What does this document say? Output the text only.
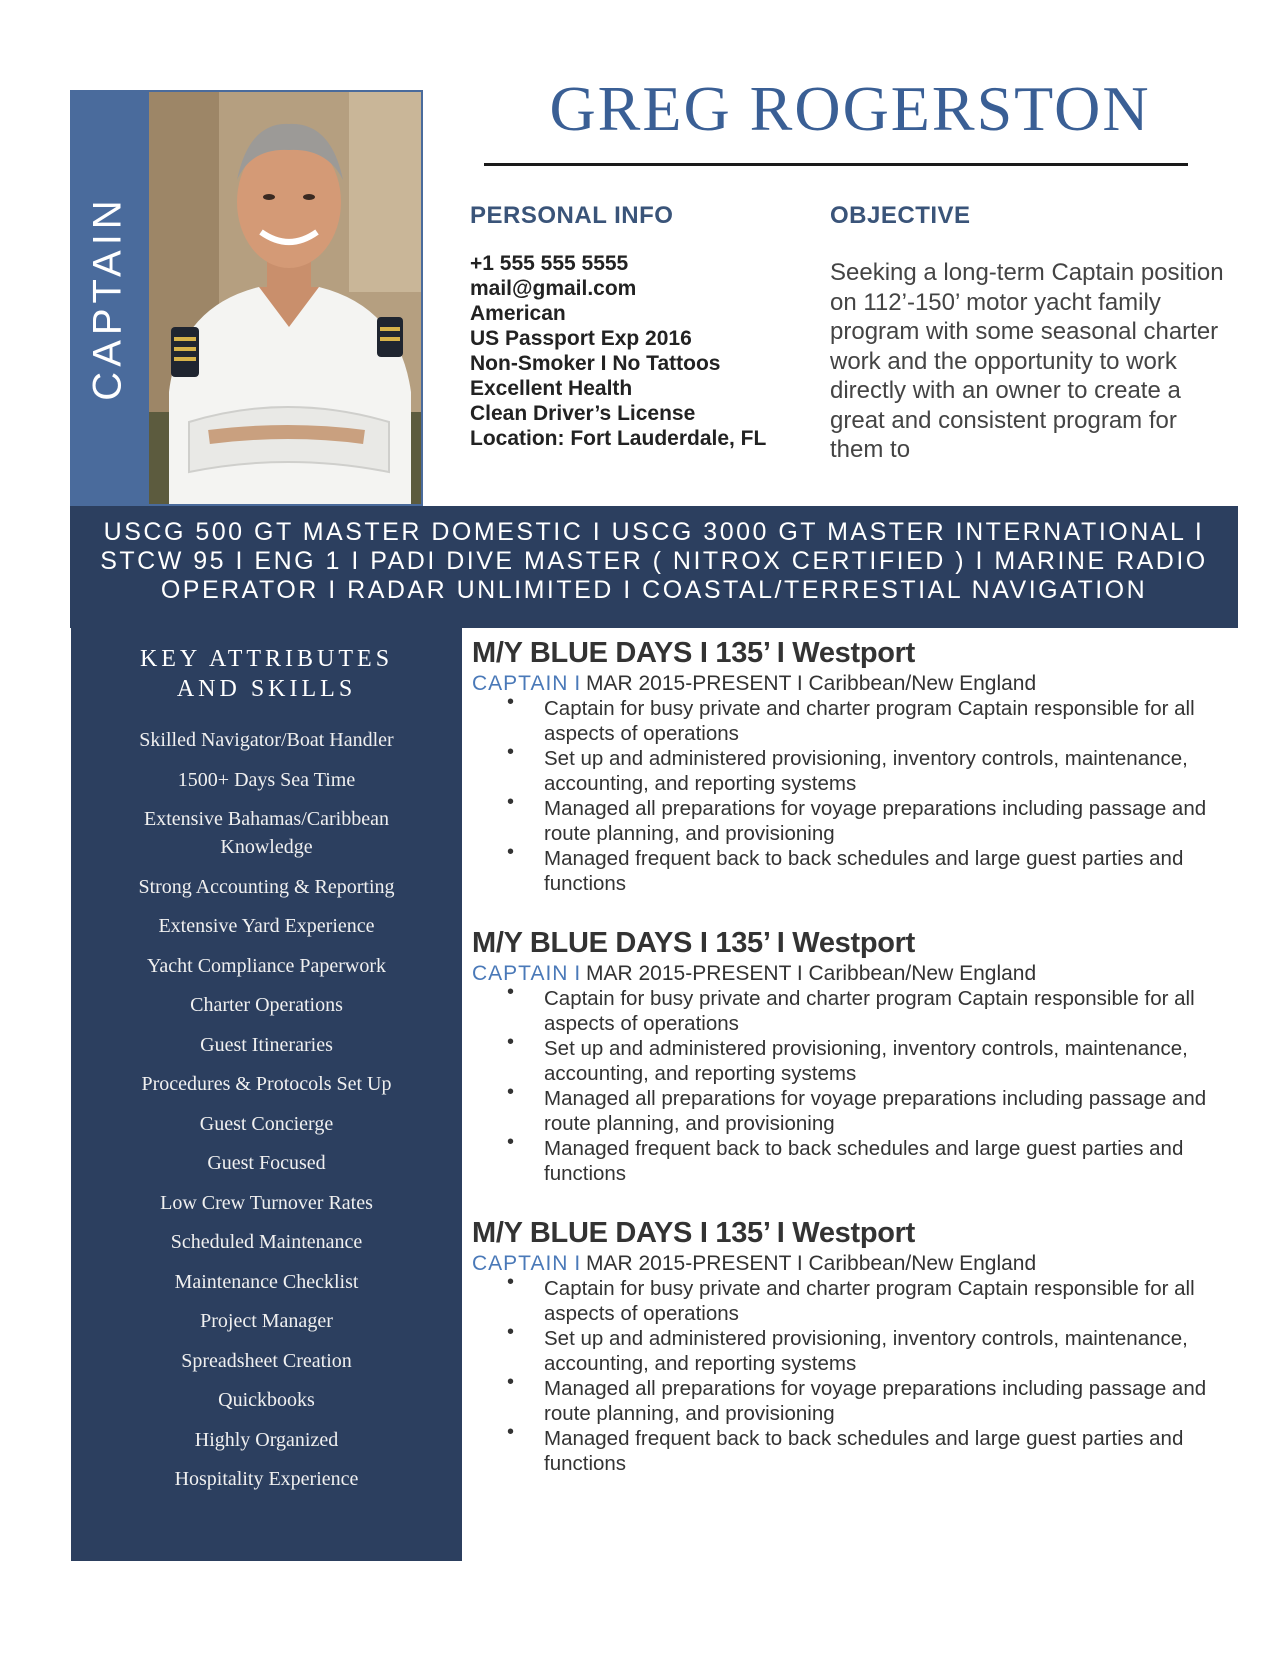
CAPTAIN
GREG ROGERSTON
PERSONAL INFO
+1 555 555 5555
mail@gmail.com
American
US Passport Exp 2016
Non-Smoker I No Tattoos
Excellent Health
Clean Driver’s License
Location: Fort Lauderdale, FL
OBJECTIVE

Seeking a long-term Captain position on 112’-150’ motor yacht family program with some seasonal charter work and the opportunity to work directly with an owner to create a great and consistent program for them to

USCG 500 GT MASTER DOMESTIC I USCG 3000 GT MASTER INTERNATIONAL I STCW 95 I ENG 1 I PADI DIVE MASTER ( NITROX CERTIFIED ) I MARINE RADIO OPERATOR I RADAR UNLIMITED I COASTAL/TERRESTIAL NAVIGATION
KEY ATTRIBUTES
AND SKILLS
Skilled Navigator/Boat Handler
1500+ Days Sea Time
Extensive Bahamas/Caribbean Knowledge
Strong Accounting & Reporting
Extensive Yard Experience
Yacht Compliance Paperwork
Charter Operations
Guest Itineraries
Procedures & Protocols Set Up
Guest Concierge
Guest Focused
Low Crew Turnover Rates
Scheduled Maintenance
Maintenance Checklist
Project Manager
Spreadsheet Creation
Quickbooks
Highly Organized
Hospitality Experience
M/Y BLUE DAYS I 135’ I Westport
CAPTAIN I MAR 2015-PRESENT I Caribbean/New England
• Captain for busy private and charter program Captain responsible for all aspects of operations
• Set up and administered provisioning, inventory controls, maintenance, accounting, and reporting systems
• Managed all preparations for voyage preparations including passage and route planning, and provisioning
• Managed frequent back to back schedules and large guest parties and functions
M/Y BLUE DAYS I 135’ I Westport
CAPTAIN I MAR 2015-PRESENT I Caribbean/New England
• Captain for busy private and charter program Captain responsible for all aspects of operations
• Set up and administered provisioning, inventory controls, maintenance, accounting, and reporting systems
• Managed all preparations for voyage preparations including passage and route planning, and provisioning
• Managed frequent back to back schedules and large guest parties and functions
M/Y BLUE DAYS I 135’ I Westport
CAPTAIN I MAR 2015-PRESENT I Caribbean/New England
• Captain for busy private and charter program Captain responsible for all aspects of operations
• Set up and administered provisioning, inventory controls, maintenance, accounting, and reporting systems
• Managed all preparations for voyage preparations including passage and route planning, and provisioning
• Managed frequent back to back schedules and large guest parties and functions
